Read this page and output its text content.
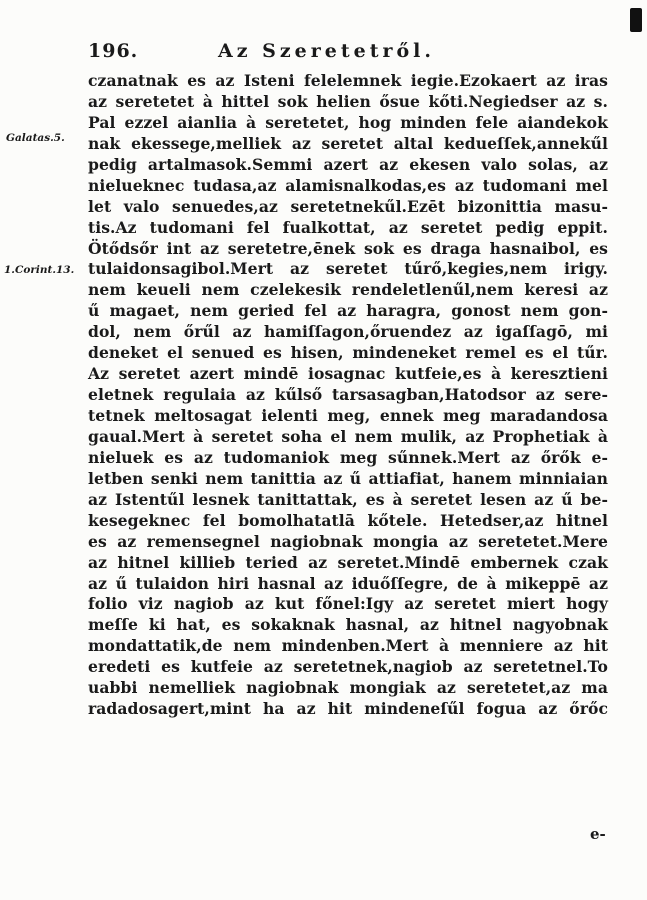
196.	Az Szeretetről.
Galatas.5.
1.Corint.13.
czanatnak es az Isteni felelemnek iegie.Ezokaert az iras
az seretetet à hittel sok helien ősue kőti.Negiedser az s.
Pal ezzel aianlia à seretetet, hog minden fele aiandekok
nak ekessege,melliek az seretet altal kedueſſek,annekűl
pedig artalmasok.Semmi azert az ekesen valo solas, az
nielueknec tudasa,az alamisnalkodas,es az tudomani mel
let valo senuedes,az seretetnekűl.Ezēt bizonittia masu-
tis.Az tudomani fel fualkottat, az seretet pedig eppit.
Ötődsőr int az seretetre,ēnek sok es draga hasnaibol, es
tulaidonsagibol.Mert az seretet tűrő,kegies,nem irigy.
nem keueli nem czelekesik rendeletlenűl,nem keresi az
ű magaet, nem geried fel az haragra, gonost nem gon-
dol, nem őrűl az hamiſſagon,őruendez az igaſſagō, mi
deneket el senued es hisen, mindeneket remel es el tűr.
Az seretet azert mindē iosagnac kutfeie,es à keresztieni
eletnek regulaia az kűlső tarsasagban,Hatodsor az sere-
tetnek meltosagat ielenti meg, ennek meg maradandosa
gaual.Mert à seretet soha el nem mulik, az Prophetiak à
nieluek es az tudomaniok meg sűnnek.Mert az őrők e-
letben senki nem tanittia az ű attiafiat, hanem minniaian
az Istentűl lesnek tanittattak, es à seretet lesen az ű be-
kesegeknec fel bomolhatatlā kőtele. Hetedser,az hitnel
es az remensegnel nagiobnak mongia az seretetet.Mere
az hitnel killieb teried az seretet.Mindē embernek czak
az ű tulaidon hiri hasnal az iduőſſegre, de à mikeppē az
folio viz nagiob az kut főnel:Igy az seretet miert hogy
meſſe ki hat, es sokaknak hasnal, az hitnel nagyobnak
mondattatik,de nem mindenben.Mert à menniere az hit
eredeti es kutfeie az seretetnek,nagiob az seretetnel.To
uabbi nemelliek nagiobnak mongiak az seretetet,az ma
radadosagert,mint ha az hit mindeneſűl fogua az őrőc
e-
